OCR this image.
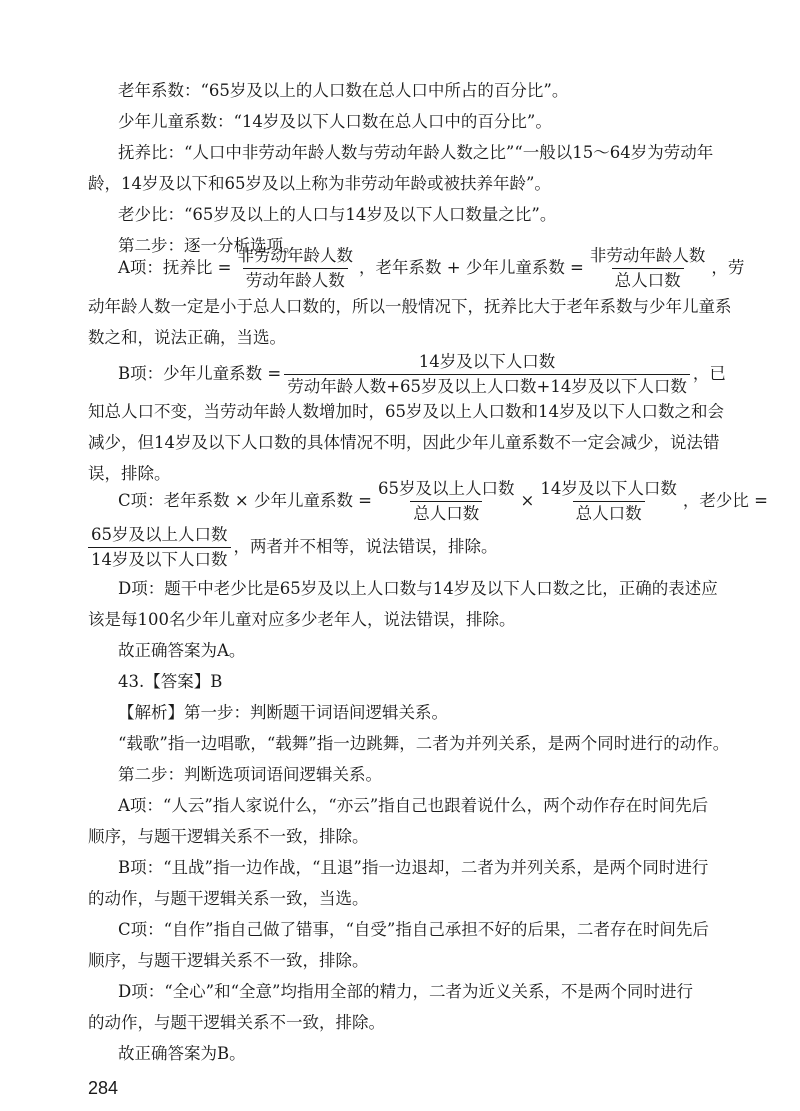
老年系数：“65岁及以上的人口数在总人口中所占的百分比”。
少年儿童系数：“14岁及以下人口数在总人口中的百分比”。
抚养比：“人口中非劳动年龄人数与劳动年龄人数之比”“一般以15～64岁为劳动年
龄，14岁及以下和65岁及以上称为非劳动年龄或被扶养年龄”。
老少比：“65岁及以上的人口与14岁及以下人口数量之比”。
第二步：逐一分析选项。
A项：抚养比 = $\frac{\text{非劳动年龄人数}}{\text{劳动年龄人数}}$ ，老年系数 + 少年儿童系数 = $\frac{\text{非劳动年龄人数}}{\text{总人口数}}$ ，劳
动年龄人数一定是小于总人口数的，所以一般情况下，抚养比大于老年系数与少年儿童系
数之和，说法正确，当选。
B项：少年儿童系数 = $\frac{\text{14岁及以下人口数}}{\text{劳动年龄人数+65岁及以上人口数+14岁及以下人口数}}$ ，已
知总人口不变，当劳动年龄人数增加时，65岁及以上人口数和14岁及以下人口数之和会
减少，但14岁及以下人口数的具体情况不明，因此少年儿童系数不一定会减少，说法错
误，排除。
C项：老年系数 × 少年儿童系数 = $\frac{\text{65岁及以上人口数}}{\text{总人口数}} \times \frac{\text{14岁及以下人口数}}{\text{总人口数}}$ ，老少比 =
$\frac{\text{65岁及以上人口数}}{\text{14岁及以下人口数}}$ ，两者并不相等，说法错误，排除。
D项：题干中老少比是65岁及以上人口数与14岁及以下人口数之比，正确的表述应
该是每100名少年儿童对应多少老年人，说法错误，排除。
故正确答案为A。
43.【答案】B
【解析】第一步：判断题干词语间逻辑关系。
“载歌”指一边唱歌，“载舞”指一边跳舞，二者为并列关系，是两个同时进行的动作。
第二步：判断选项词语间逻辑关系。
A项：“人云”指人家说什么，“亦云”指自己也跟着说什么，两个动作存在时间先后
顺序，与题干逻辑关系不一致，排除。
B项：“且战”指一边作战，“且退”指一边退却，二者为并列关系，是两个同时进行
的动作，与题干逻辑关系一致，当选。
C项：“自作”指自己做了错事，“自受”指自己承担不好的后果，二者存在时间先后
顺序，与题干逻辑关系不一致，排除。
D项：“全心”和“全意”均指用全部的精力，二者为近义关系，不是两个同时进行
的动作，与题干逻辑关系不一致，排除。
故正确答案为B。
284
